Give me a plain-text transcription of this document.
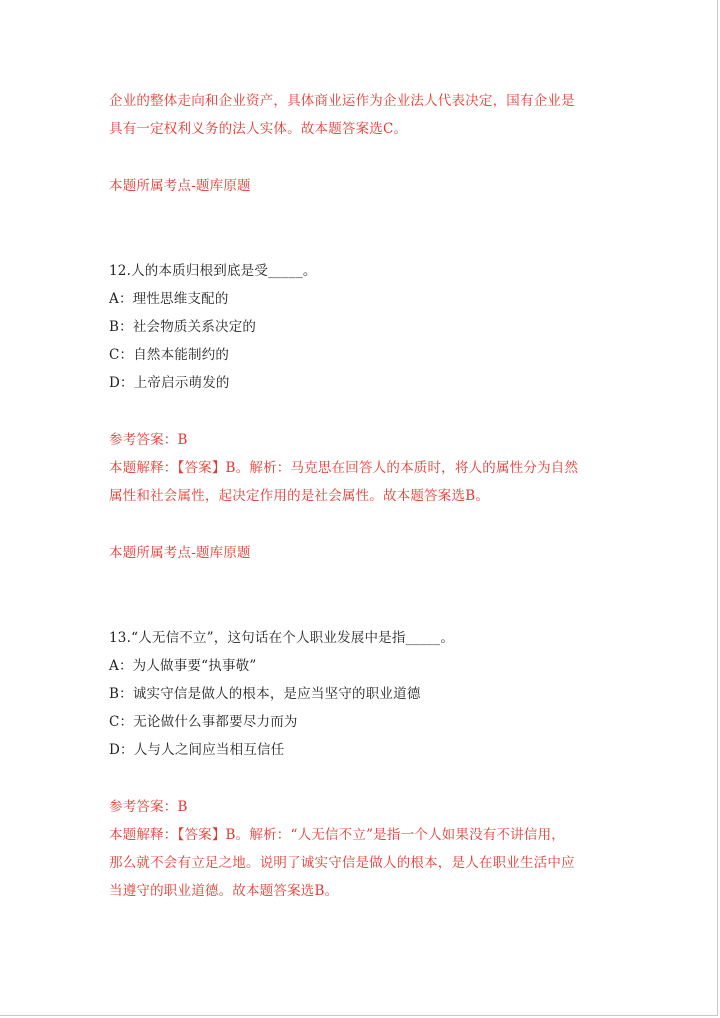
企业的整体走向和企业资产，具体商业运作为企业法人代表决定，国有企业是
具有一定权利义务的法人实体。故本题答案选C。
本题所属考点-题库原题
12.人的本质归根到底是受_____。
A：理性思维支配的
B：社会物质关系决定的
C：自然本能制约的
D：上帝启示萌发的
参考答案：B
本题解释：【答案】B。解析：马克思在回答人的本质时，将人的属性分为自然
属性和社会属性，起决定作用的是社会属性。故本题答案选B。
本题所属考点-题库原题
13.“人无信不立”，这句话在个人职业发展中是指_____。
A：为人做事要“执事敬”
B：诚实守信是做人的根本，是应当坚守的职业道德
C：无论做什么事都要尽力而为
D：人与人之间应当相互信任
参考答案：B
本题解释：【答案】B。解析：“人无信不立”是指一个人如果没有不讲信用，
那么就不会有立足之地。说明了诚实守信是做人的根本，是人在职业生活中应
当遵守的职业道德。故本题答案选B。
